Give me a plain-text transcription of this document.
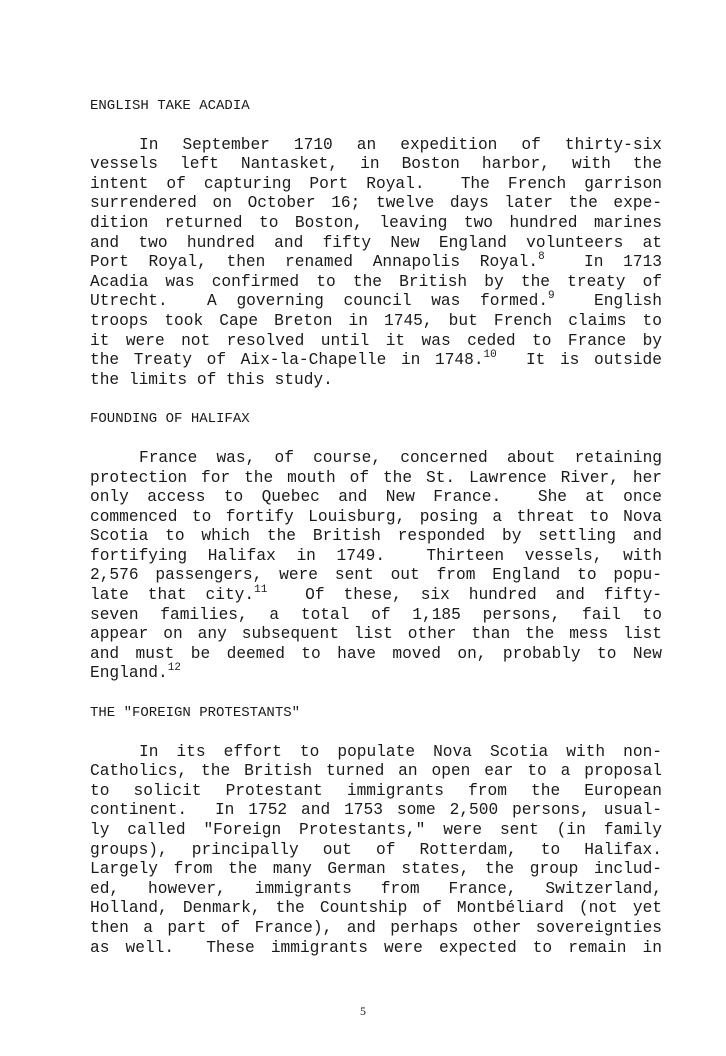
ENGLISH TAKE ACADIA

In September 1710 an expedition of thirty-six
vessels left Nantasket, in Boston harbor, with the
intent of capturing Port Royal.  The French garrison
surrendered on October 16; twelve days later the expe-
dition returned to Boston, leaving two hundred marines
and two hundred and fifty New England volunteers at
Port Royal, then renamed Annapolis Royal.$^8$  In 1713
Acadia was confirmed to the British by the treaty of
Utrecht.  A governing council was formed.$^9$  English
troops took Cape Breton in 1745, but French claims to
it were not resolved until it was ceded to France by
the Treaty of Aix-la-Chapelle in 1748.10  It is outside
the limits of this study.

FOUNDING OF HALIFAX

France was, of course, concerned about retaining
protection for the mouth of the St. Lawrence River, her
only access to Quebec and New France.  She at once
commenced to fortify Louisburg, posing a threat to Nova
Scotia to which the British responded by settling and
fortifying Halifax in 1749.  Thirteen vessels, with
2,576 passengers, were sent out from England to popu-
late that city.$^{11}$  Of these, six hundred and fifty-
seven families, a total of 1,185 persons, fail to
appear on any subsequent list other than the mess list
and must be deemed to have moved on, probably to New
England.$^{12}$

THE "FOREIGN PROTESTANTS"

In its effort to populate Nova Scotia with non-
Catholics, the British turned an open ear to a proposal
to solicit Protestant immigrants from the European
continent.  In 1752 and 1753 some 2,500 persons, usual-
ly called "Foreign Protestants," were sent (in family
groups), principally out of Rotterdam, to Halifax.
Largely from the many German states, the group includ-
ed, however, immigrants from France, Switzerland,
Holland, Denmark, the Countship of Montbéliard (not yet
then a part of France), and perhaps other sovereignties
as well.  These immigrants were expected to remain in
5
